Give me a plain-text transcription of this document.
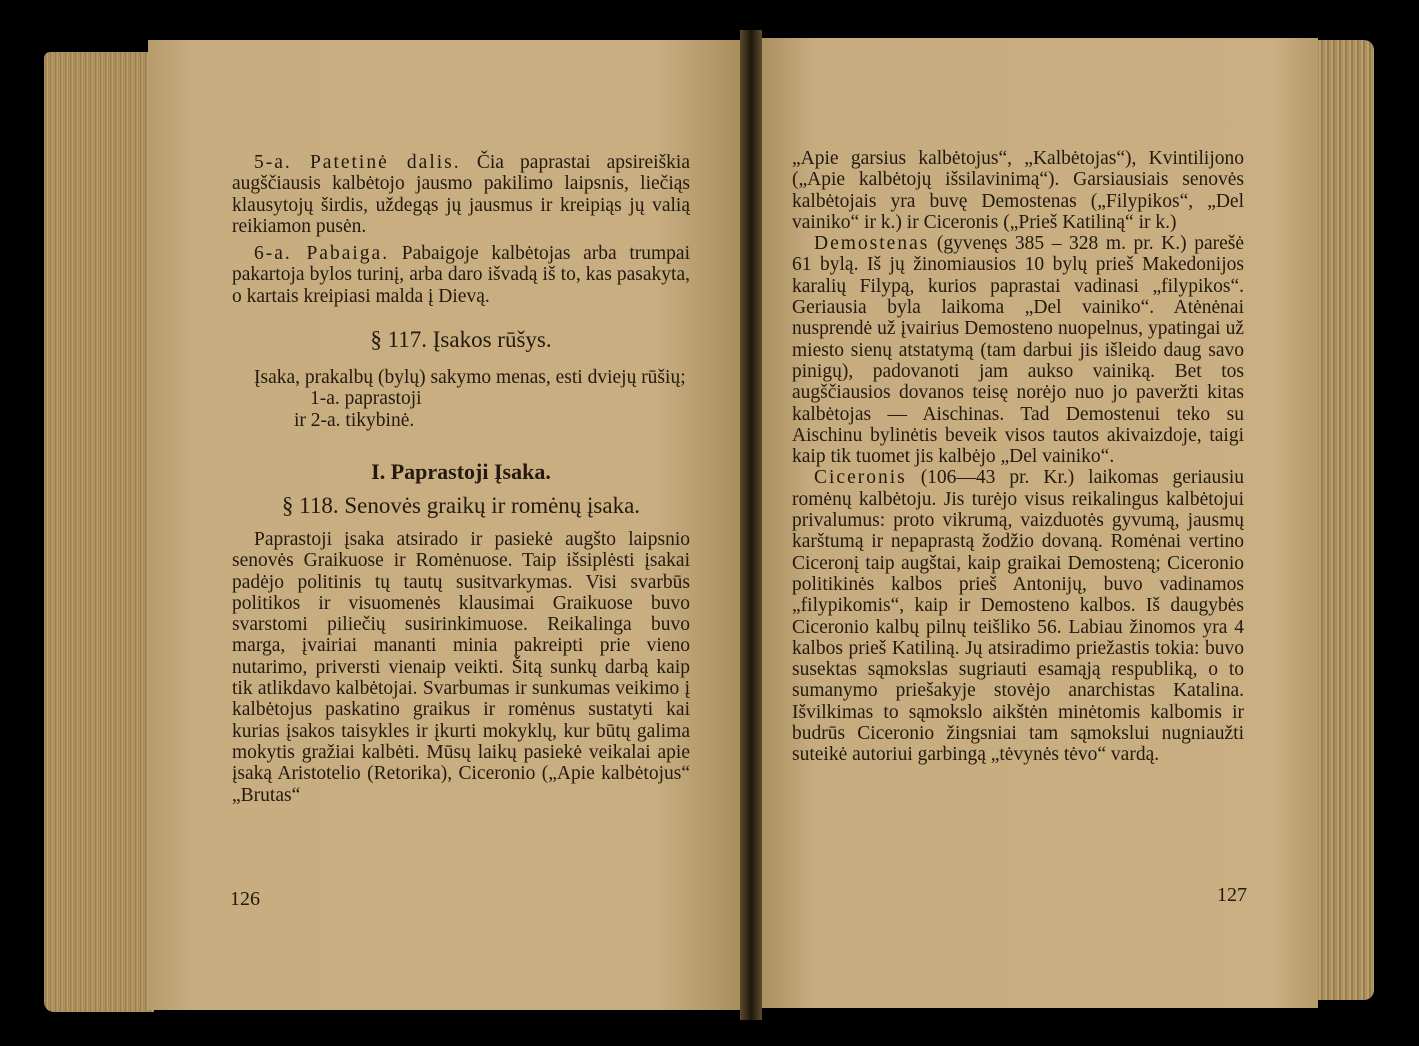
5-a. Patetinė dalis. Čia paprastai apsireiškia augščiausis kalbėtojo jausmo pakilimo laipsnis, liečiąs klausytojų širdis, uždegąs jų jausmus ir kreipiąs jų valią reikiamon pusėn.

6-a. Pabaiga. Pabaigoje kalbėtojas arba trumpai pakartoja bylos turinį, arba daro išvadą iš to, kas pasakyta, o kartais kreipiasi malda į Dievą.

§ 117. Įsakos rūšys.

Įsaka, prakalbų (bylų) sakymo menas, esti dviejų rūšių;

1-a. paprastoji
ir 2-a. tikybinė.
I. Paprastoji Įsaka.
§ 118. Senovės graikų ir romėnų įsaka.

Paprastoji įsaka atsirado ir pasiekė augšto laipsnio senovės Graikuose ir Romėnuose. Taip išsiplėsti įsakai padėjo politinis tų tautų susitvarkymas. Visi svarbūs politikos ir visuomenės klausimai Graikuose buvo svarstomi piliečių susirinkimuose. Reikalinga buvo marga, įvairiai mananti minia pakreipti prie vieno nutarimo, priversti vienaip veikti. Šitą sunkų darbą kaip tik atlikdavo kalbėtojai. Svarbumas ir sunkumas veikimo į kalbėtojus paskatino graikus ir romėnus sustatyti kai kurias įsakos taisykles ir įkurti mokyklų, kur būtų galima mokytis gražiai kalbėti. Mūsų laikų pasiekė veikalai apie įsaką Aristotelio (Retorika), Ciceronio („Apie kalbėtojus“ „Brutas“

126

„Apie garsius kalbėtojus“, „Kalbėtojas“), Kvintilijono („Apie kalbėtojų išsilavinimą“). Garsiausiais senovės kalbėtojais yra buvę Demostenas („Filypikos“, „Del vainiko“ ir k.) ir Ciceronis („Prieš Katiliną“ ir k.)

Demostenas (gyvenęs 385 – 328 m. pr. K.) parešė 61 bylą. Iš jų žinomiausios 10 bylų prieš Makedonijos karalių Filypą, kurios paprastai vadinasi „filypikos“. Geriausia byla laikoma „Del vainiko“. Atėnėnai nusprendė už įvairius Demosteno nuopelnus, ypatingai už miesto sienų atstatymą (tam darbui jis išleido daug savo pinigų), padovanoti jam aukso vainiką. Bet tos augščiausios dovanos teisę norėjo nuo jo paveržti kitas kalbėtojas — Aischinas. Tad Demostenui teko su Aischinu bylinėtis beveik visos tautos akivaizdoje, taigi kaip tik tuomet jis kalbėjo „Del vainiko“.

Ciceronis (106—43 pr. Kr.) laikomas geriausiu romėnų kalbėtoju. Jis turėjo visus reikalingus kalbėtojui privalumus: proto vikrumą, vaizduotės gyvumą, jausmų karštumą ir nepaprastą žodžio dovaną. Romėnai vertino Ciceronį taip augštai, kaip graikai Demosteną; Ciceronio politikinės kalbos prieš Antonijų, buvo vadinamos „filypikomis“, kaip ir Demosteno kalbos. Iš daugybės Ciceronio kalbų pilnų teišliko 56. Labiau žinomos yra 4 kalbos prieš Katiliną. Jų atsiradimo priežastis tokia: buvo susektas sąmokslas sugriauti esamąją respubliką, o to sumanymo priešakyje stovėjo anarchistas Katalina. Išvilkimas to sąmokslo aikštėn minėtomis kalbomis ir budrūs Ciceronio žingsniai tam sąmokslui nugniaužti suteikė autoriui garbingą „tėvynės tėvo“ vardą.

127
